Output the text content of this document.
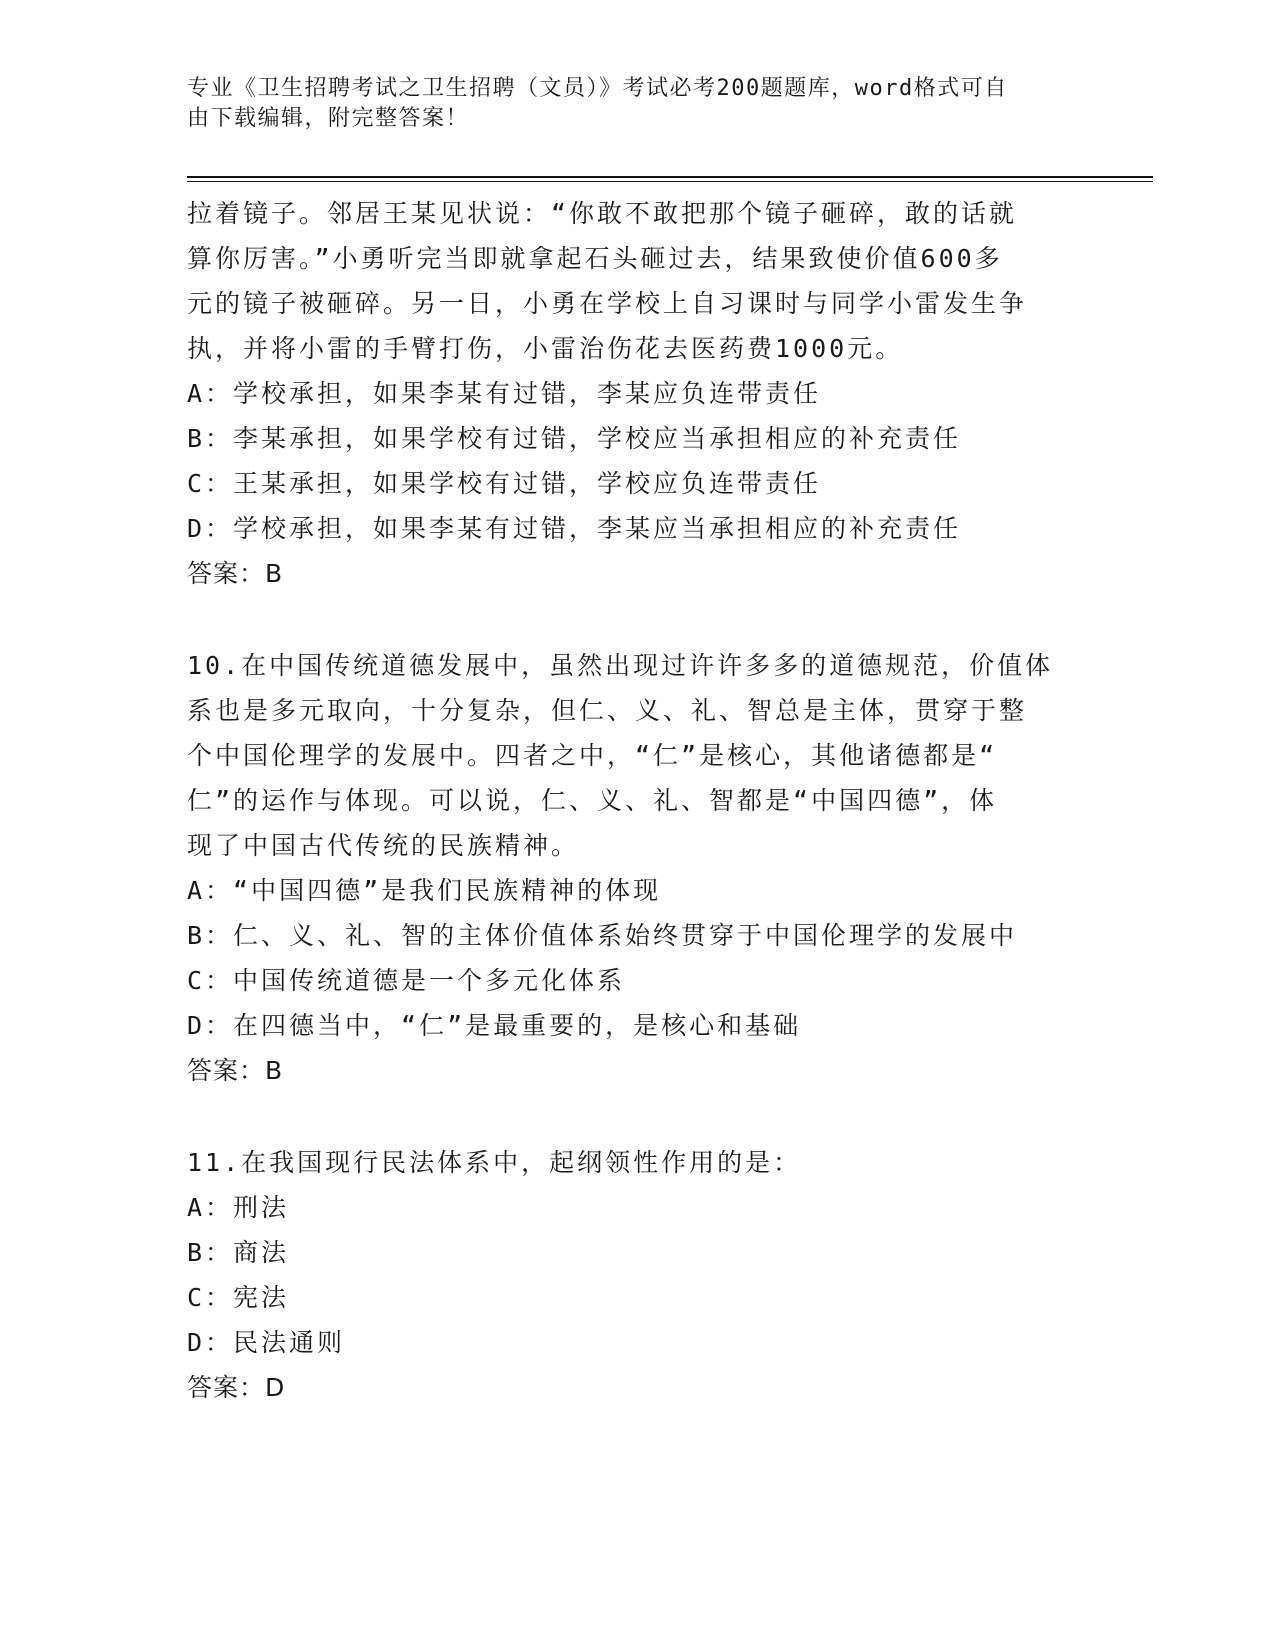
专业《卫生招聘考试之卫生招聘（文员）》考试必考200题题库，word格式可自
由下载编辑，附完整答案！
拉着镜子。邻居王某见状说：“你敢不敢把那个镜子砸碎，敢的话就
算你厉害。”小勇听完当即就拿起石头砸过去，结果致使价值600多
元的镜子被砸碎。另一日，小勇在学校上自习课时与同学小雷发生争
执，并将小雷的手臂打伤，小雷治伤花去医药费1000元。
A：学校承担，如果李某有过错，李某应负连带责任
B：李某承担，如果学校有过错，学校应当承担相应的补充责任
C：王某承担，如果学校有过错，学校应负连带责任
D：学校承担，如果李某有过错，李某应当承担相应的补充责任
答案：B
10.在中国传统道德发展中，虽然出现过许许多多的道德规范，价值体
系也是多元取向，十分复杂，但仁、义、礼、智总是主体，贯穿于整
个中国伦理学的发展中。四者之中，“仁”是核心，其他诸德都是“
仁”的运作与体现。可以说，仁、义、礼、智都是“中国四德”，体
现了中国古代传统的民族精神。
A：“中国四德”是我们民族精神的体现
B：仁、义、礼、智的主体价值体系始终贯穿于中国伦理学的发展中
C：中国传统道德是一个多元化体系
D：在四德当中，“仁”是最重要的，是核心和基础
答案：B
11.在我国现行民法体系中，起纲领性作用的是：
A：刑法
B：商法
C：宪法
D：民法通则
答案：D
